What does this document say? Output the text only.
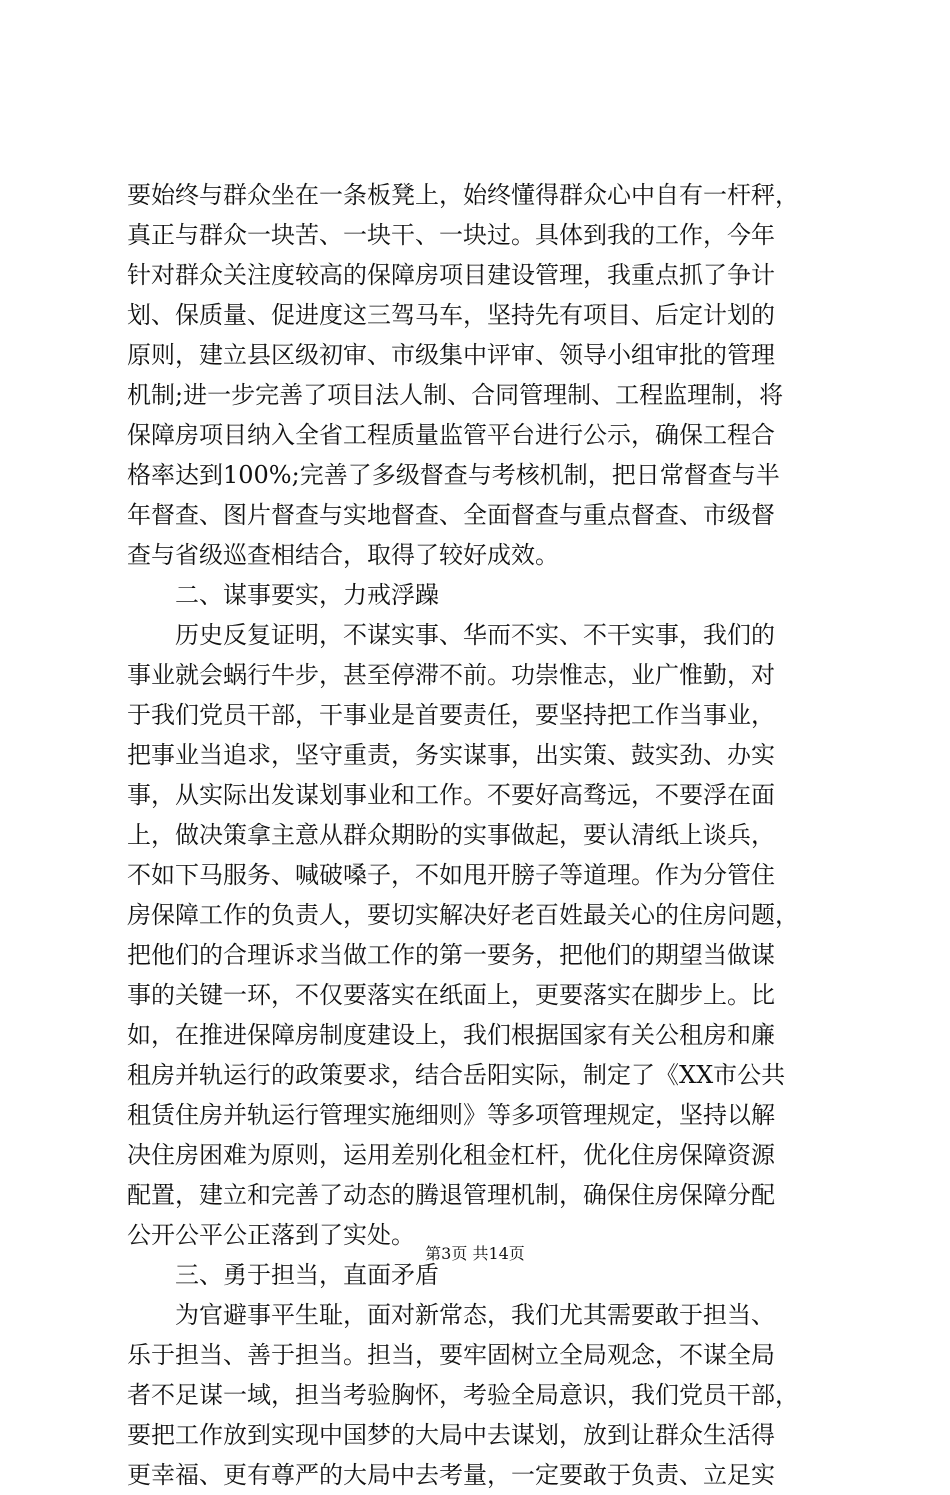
要始终与群众坐在一条板凳上，始终懂得群众心中自有一杆秤，
真正与群众一块苦、一块干、一块过。具体到我的工作，今年
针对群众关注度较高的保障房项目建设管理，我重点抓了争计
划、保质量、促进度这三驾马车，坚持先有项目、后定计划的
原则，建立县区级初审、市级集中评审、领导小组审批的管理
机制;进一步完善了项目法人制、合同管理制、工程监理制，将
保障房项目纳入全省工程质量监管平台进行公示，确保工程合
格率达到100%;完善了多级督查与考核机制，把日常督查与半
年督查、图片督查与实地督查、全面督查与重点督查、市级督
查与省级巡查相结合，取得了较好成效。
二、谋事要实，力戒浮躁
历史反复证明，不谋实事、华而不实、不干实事，我们的
事业就会蜗行牛步，甚至停滞不前。功崇惟志，业广惟勤，对
于我们党员干部，干事业是首要责任，要坚持把工作当事业，
把事业当追求，坚守重责，务实谋事，出实策、鼓实劲、办实
事，从实际出发谋划事业和工作。不要好高骛远，不要浮在面
上，做决策拿主意从群众期盼的实事做起，要认清纸上谈兵，
不如下马服务、喊破嗓子，不如甩开膀子等道理。作为分管住
房保障工作的负责人，要切实解决好老百姓最关心的住房问题，
把他们的合理诉求当做工作的第一要务，把他们的期望当做谋
事的关键一环，不仅要落实在纸面上，更要落实在脚步上。比
如，在推进保障房制度建设上，我们根据国家有关公租房和廉
租房并轨运行的政策要求，结合岳阳实际，制定了《XX市公共
租赁住房并轨运行管理实施细则》等多项管理规定，坚持以解
决住房困难为原则，运用差别化租金杠杆，优化住房保障资源
配置，建立和完善了动态的腾退管理机制，确保住房保障分配
公开公平公正落到了实处。
三、勇于担当，直面矛盾
为官避事平生耻，面对新常态，我们尤其需要敢于担当、
乐于担当、善于担当。担当，要牢固树立全局观念，不谋全局
者不足谋一域，担当考验胸怀，考验全局意识，我们党员干部，
要把工作放到实现中国梦的大局中去谋划，放到让群众生活得
更幸福、更有尊严的大局中去考量，一定要敢于负责、立足实
第3页 共14页
